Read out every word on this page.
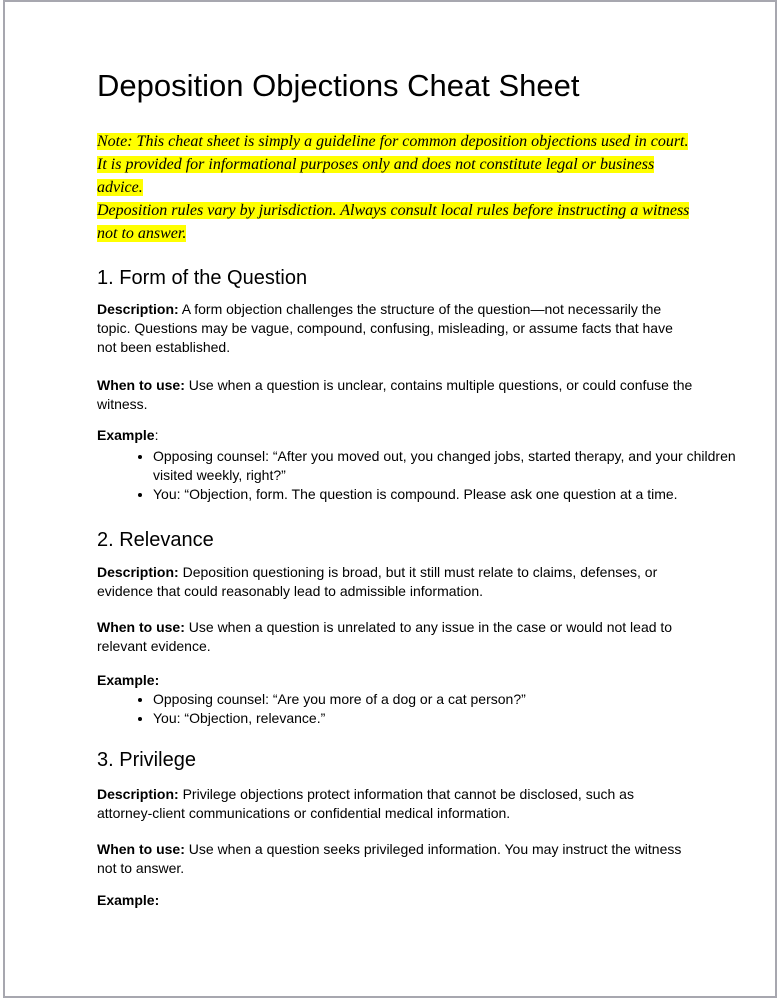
Deposition Objections Cheat Sheet

Note: This cheat sheet is simply a guideline for common deposition objections used in court. It is provided for informational purposes only and does not constitute legal or business advice.

Deposition rules vary by jurisdiction. Always consult local rules before instructing a witness not to answer.

1. Form of the Question

Description: A form objection challenges the structure of the question—not necessarily the topic. Questions may be vague, compound, confusing, misleading, or assume facts that have not been established.

When to use: Use when a question is unclear, contains multiple questions, or could confuse the witness.

Example:

• Opposing counsel: “After you moved out, you changed jobs, started therapy, and your children visited weekly, right?”
• You: “Objection, form. The question is compound. Please ask one question at a time.
2. Relevance

Description: Deposition questioning is broad, but it still must relate to claims, defenses, or evidence that could reasonably lead to admissible information.

When to use: Use when a question is unrelated to any issue in the case or would not lead to relevant evidence.

Example:

• Opposing counsel: “Are you more of a dog or a cat person?”
• You: “Objection, relevance.”
3. Privilege

Description: Privilege objections protect information that cannot be disclosed, such as attorney-client communications or confidential medical information.

When to use: Use when a question seeks privileged information. You may instruct the witness not to answer.

Example:
